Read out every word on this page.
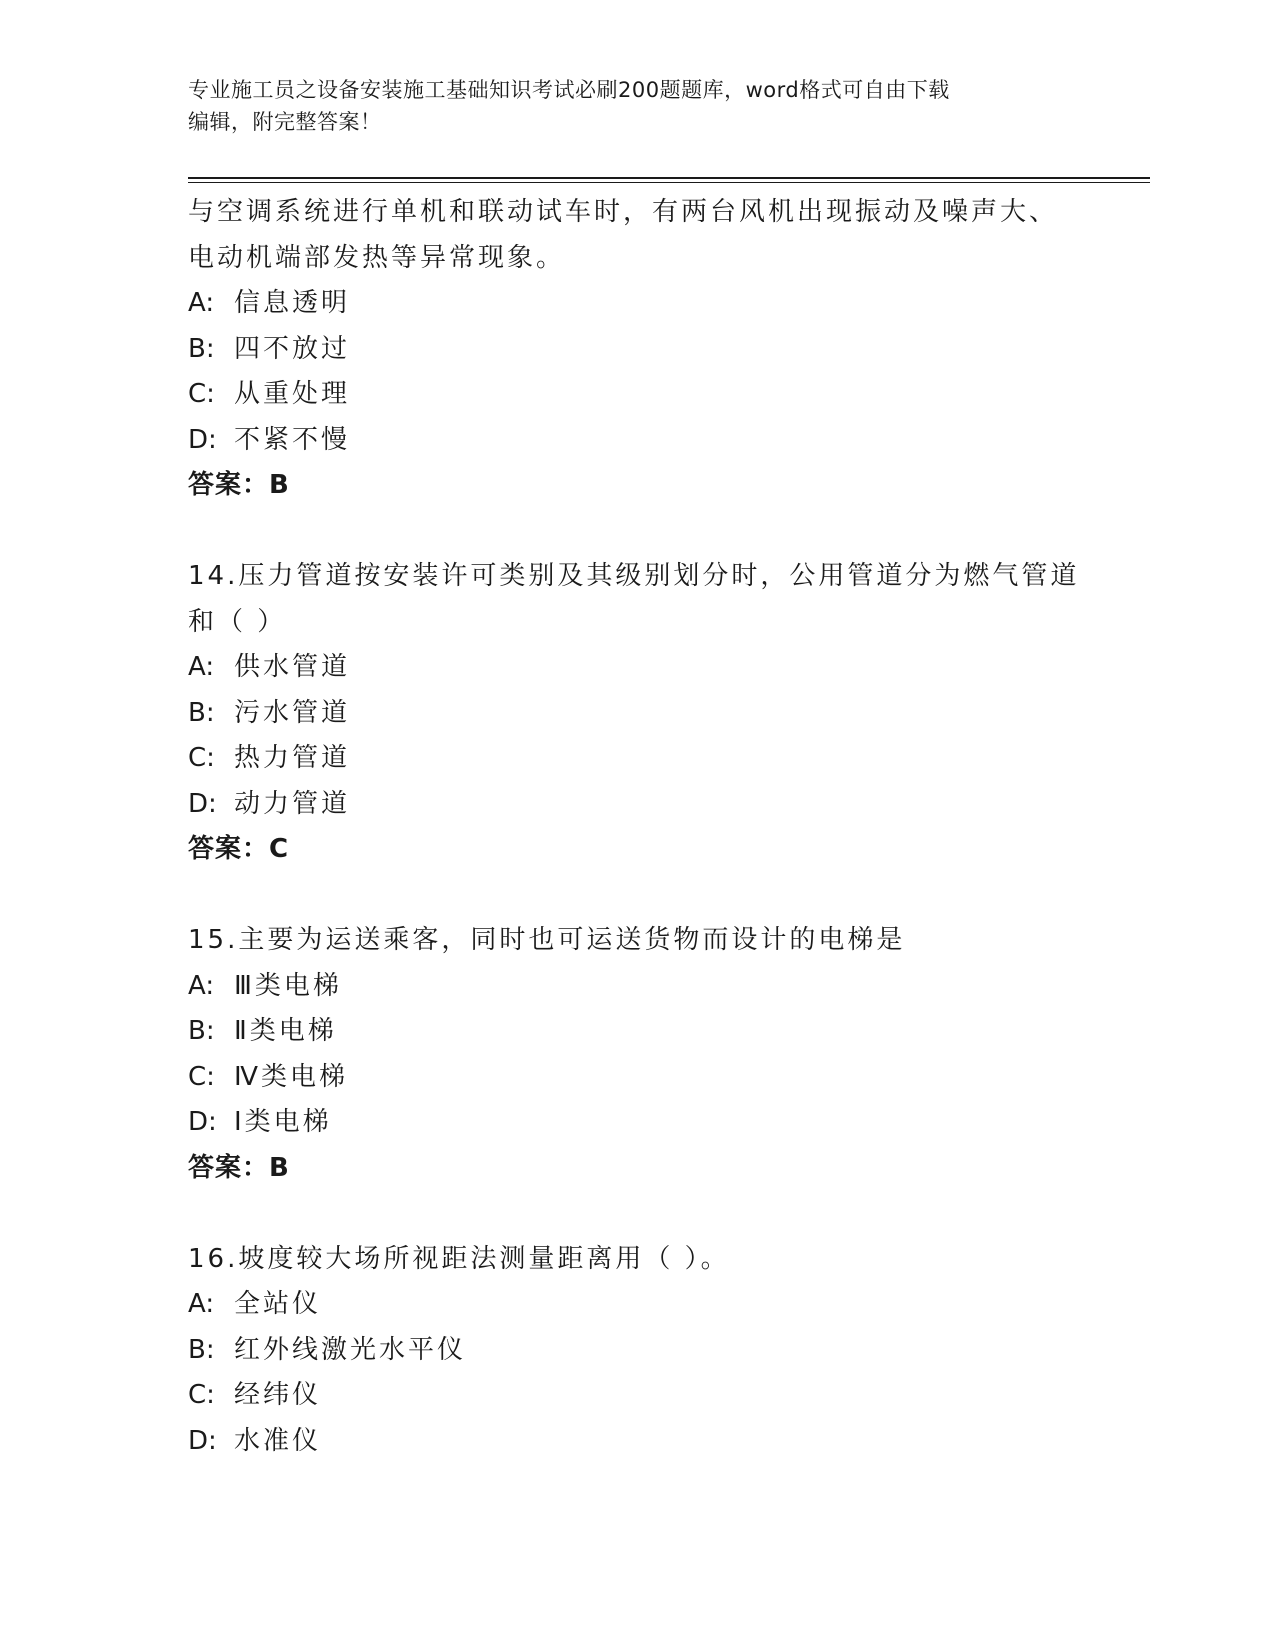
专业施工员之设备安装施工基础知识考试必刷200题题库，word格式可自由下载
编辑，附完整答案！
与空调系统进行单机和联动试车时，有两台风机出现振动及噪声大、
电动机端部发热等异常现象。
A: 信息透明
B: 四不放过
C: 从重处理
D: 不紧不慢
答案：B
14.压力管道按安装许可类别及其级别划分时，公用管道分为燃气管道
和（ ）
A: 供水管道
B: 污水管道
C: 热力管道
D: 动力管道
答案：C
15.主要为运送乘客，同时也可运送货物而设计的电梯是
A: Ⅲ类电梯
B: Ⅱ类电梯
C: Ⅳ类电梯
D: Ⅰ类电梯
答案：B
16.坡度较大场所视距法测量距离用（ ）。
A: 全站仪
B: 红外线激光水平仪
C: 经纬仪
D: 水准仪
